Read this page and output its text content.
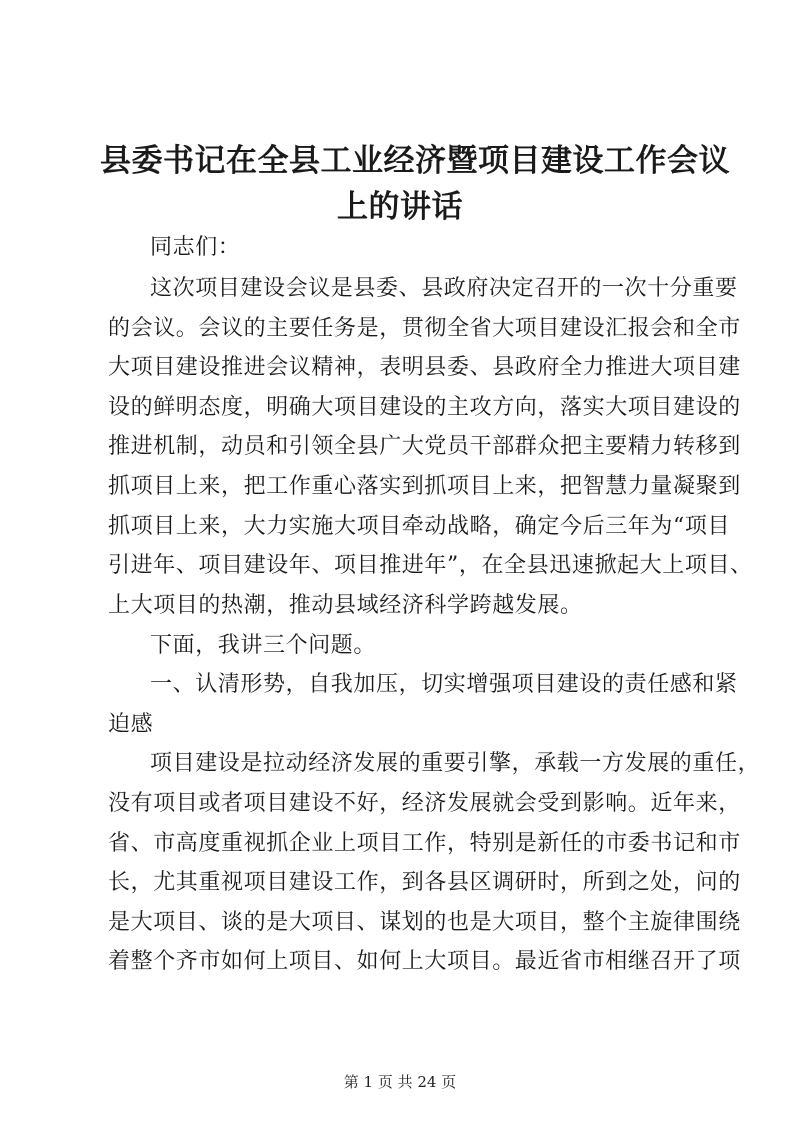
县委书记在全县工业经济暨项目建设工作会议
上的讲话

同志们：

这次项目建设会议是县委、县政府决定召开的一次十分重要

的会议。会议的主要任务是，贯彻全省大项目建设汇报会和全市

大项目建设推进会议精神，表明县委、县政府全力推进大项目建

设的鲜明态度，明确大项目建设的主攻方向，落实大项目建设的

推进机制，动员和引领全县广大党员干部群众把主要精力转移到

抓项目上来，把工作重心落实到抓项目上来，把智慧力量凝聚到

抓项目上来，大力实施大项目牵动战略，确定今后三年为“项目

引进年、项目建设年、项目推进年”，在全县迅速掀起大上项目、

上大项目的热潮，推动县域经济科学跨越发展。

下面，我讲三个问题。

一、认清形势，自我加压，切实增强项目建设的责任感和紧

迫感

项目建设是拉动经济发展的重要引擎，承载一方发展的重任，

没有项目或者项目建设不好，经济发展就会受到影响。近年来，

省、市高度重视抓企业上项目工作，特别是新任的市委书记和市

长，尤其重视项目建设工作，到各县区调研时，所到之处，问的

是大项目、谈的是大项目、谋划的也是大项目，整个主旋律围绕

着整个齐市如何上项目、如何上大项目。最近省市相继召开了项

第 1 页 共 24 页
